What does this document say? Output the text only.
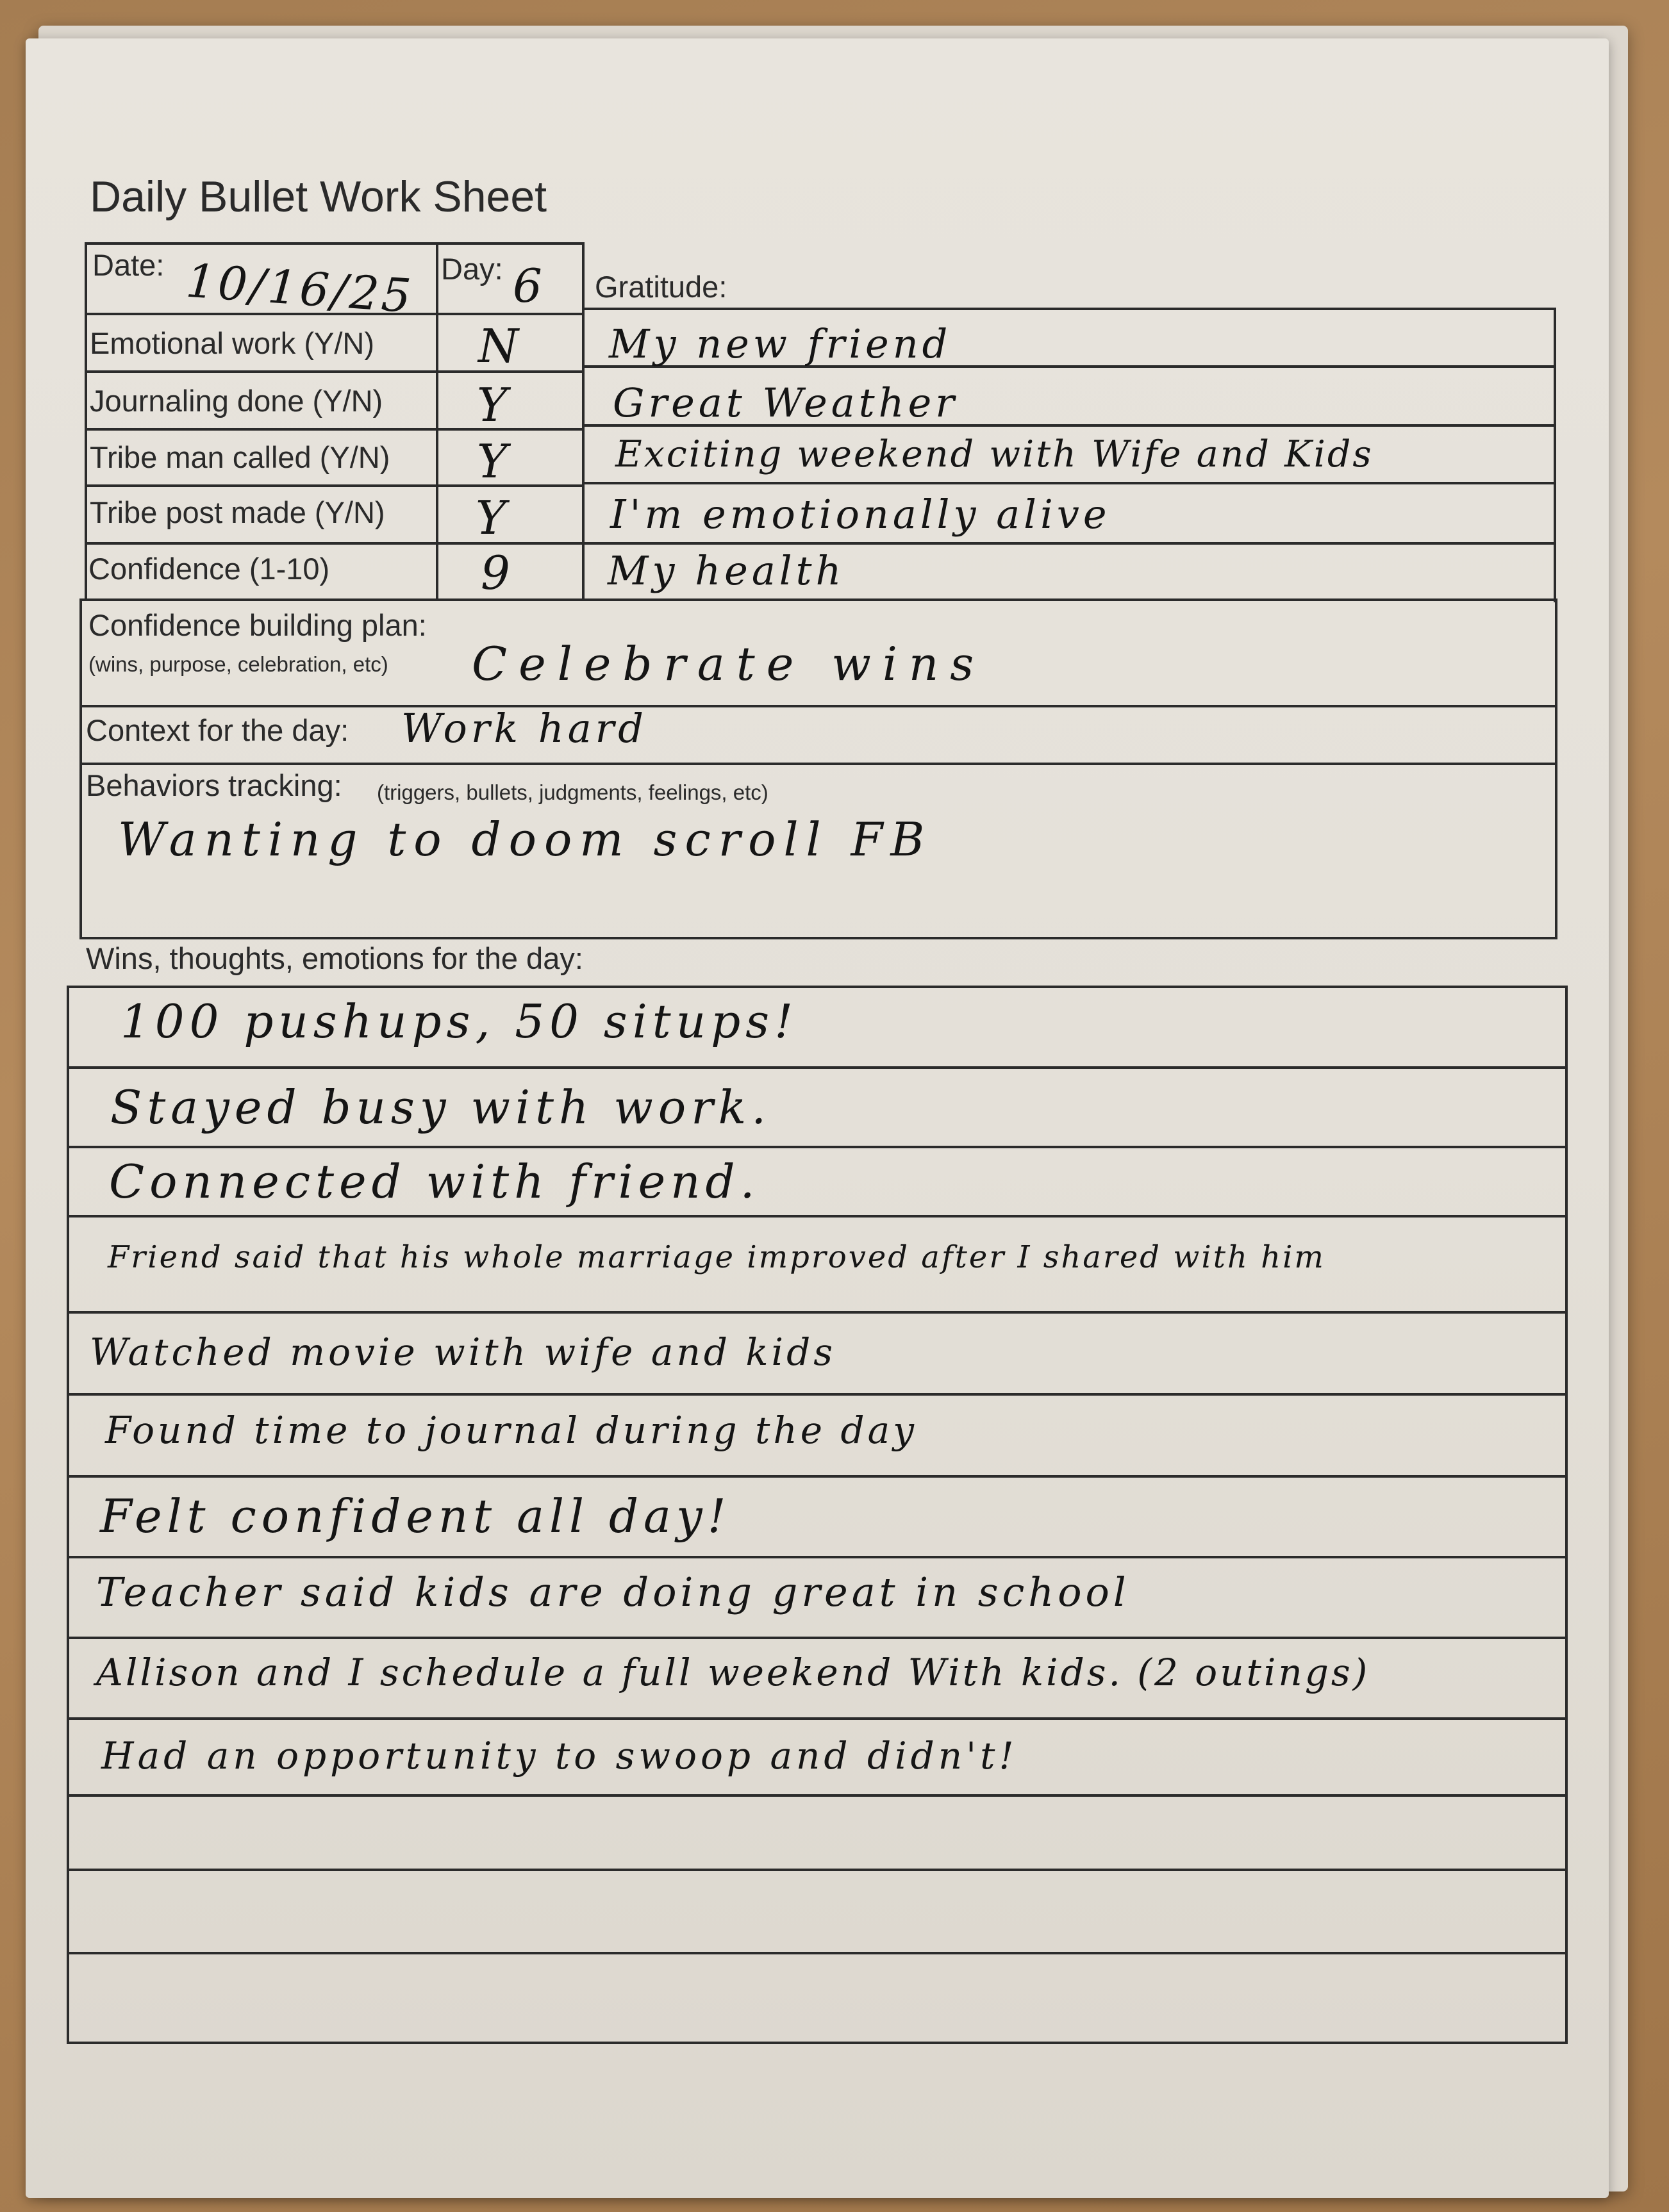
Daily Bullet Work Sheet
Date: 10/16/25 Day: 6 Gratitude:
Emotional work (Y/N) N
Journaling done (Y/N) Y
Tribe man called (Y/N) Y
Tribe post made (Y/N) Y
Confidence (1-10)	9
My new friend
Great Weather
Exciting weekend with Wife and Kids
I'm emotionally alive
My health
Confidence building plan:
(wins, purpose, celebration, etc) Celebrate wins
Context for the day: Work hard
Behaviors tracking: (triggers, bullets, judgments, feelings, etc)
Wanting to doom scroll FB
Wins, thoughts, emotions for the day:
100 pushups, 50 situps!
Stayed busy with work.
Connected with friend.
Friend said that his whole marriage improved after I shared with him
Watched movie with wife and kids
Found time to journal during the day
Felt confident all day!
Teacher said kids are doing great in school
Allison and I schedule a full weekend With kids. (2 outings)
Had an opportunity to swoop and didn't!
